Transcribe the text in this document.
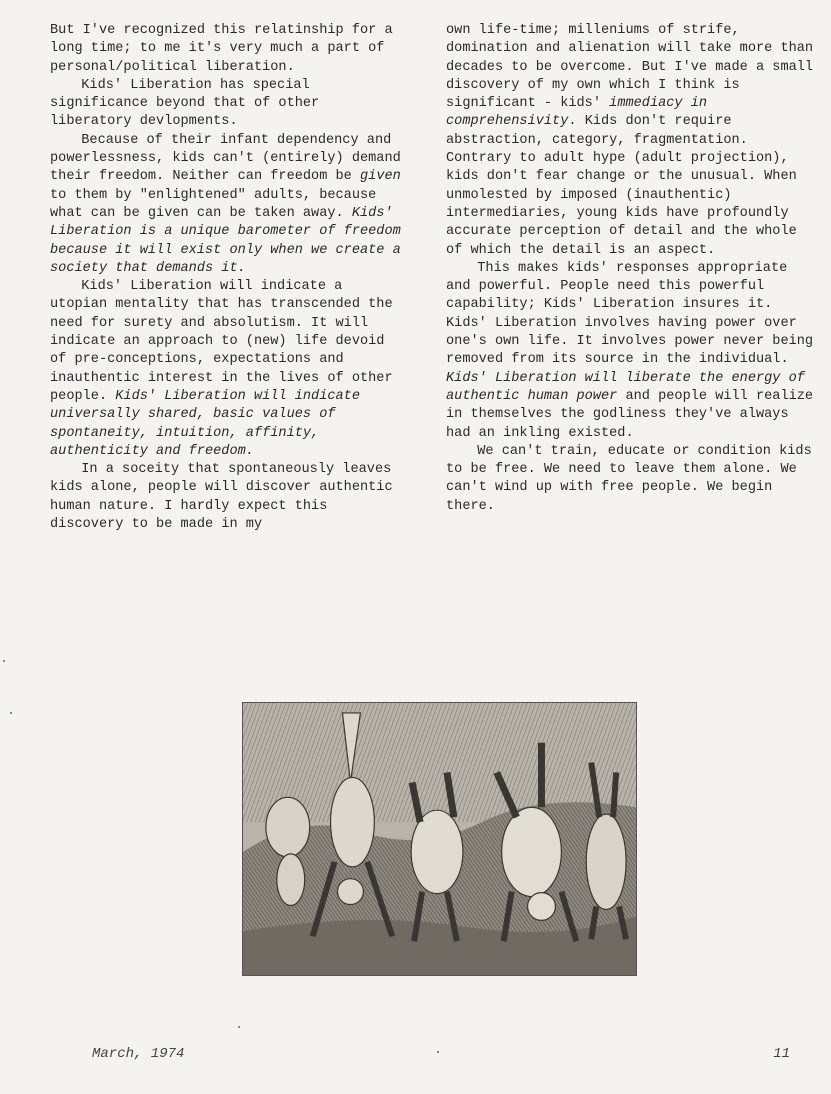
But I've recognized this relatinship for a long time; to me it's very much a part of personal/political liberation.

Kids' Liberation has special significance beyond that of other liberatory devlopments.

Because of their infant dependency and powerlessness, kids can't (entirely) demand their freedom. Neither can freedom be given to them by "enlightened" adults, because what can be given can be taken away. Kids' Liberation is a unique barometer of freedom because it will exist only when we create a society that demands it.

Kids' Liberation will indicate a utopian mentality that has transcended the need for surety and absolutism. It will indicate an approach to (new) life devoid of pre-conceptions, expectations and inauthentic interest in the lives of other people. Kids' Liberation will indicate universally shared, basic values of spontaneity, intuition, affinity, authenticity and freedom.

In a soceity that spontaneously leaves kids alone, people will discover authentic human nature. I hardly expect this discovery to be made in my

own life-time; milleniums of strife, domination and alienation will take more than decades to be overcome. But I've made a small discovery of my own which I think is significant - kids' immediacy in comprehensivity. Kids don't require abstraction, category, fragmentation. Contrary to adult hype (adult projection), kids don't fear change or the unusual. When unmolested by imposed (inauthentic) intermediaries, young kids have profoundly accurate perception of detail and the whole of which the detail is an aspect.

This makes kids' responses appropriate and powerful. People need this powerful capability; Kids' Liberation insures it. Kids' Liberation involves having power over one's own life. It involves power never being removed from its source in the individual. Kids' Liberation will liberate the energy of authentic human power and people will realize in themselves the godliness they've always had an inkling existed.

We can't train, educate or condition kids to be free. We need to leave them alone. We can't wind up with free people. We begin there.

March, 1974	11
